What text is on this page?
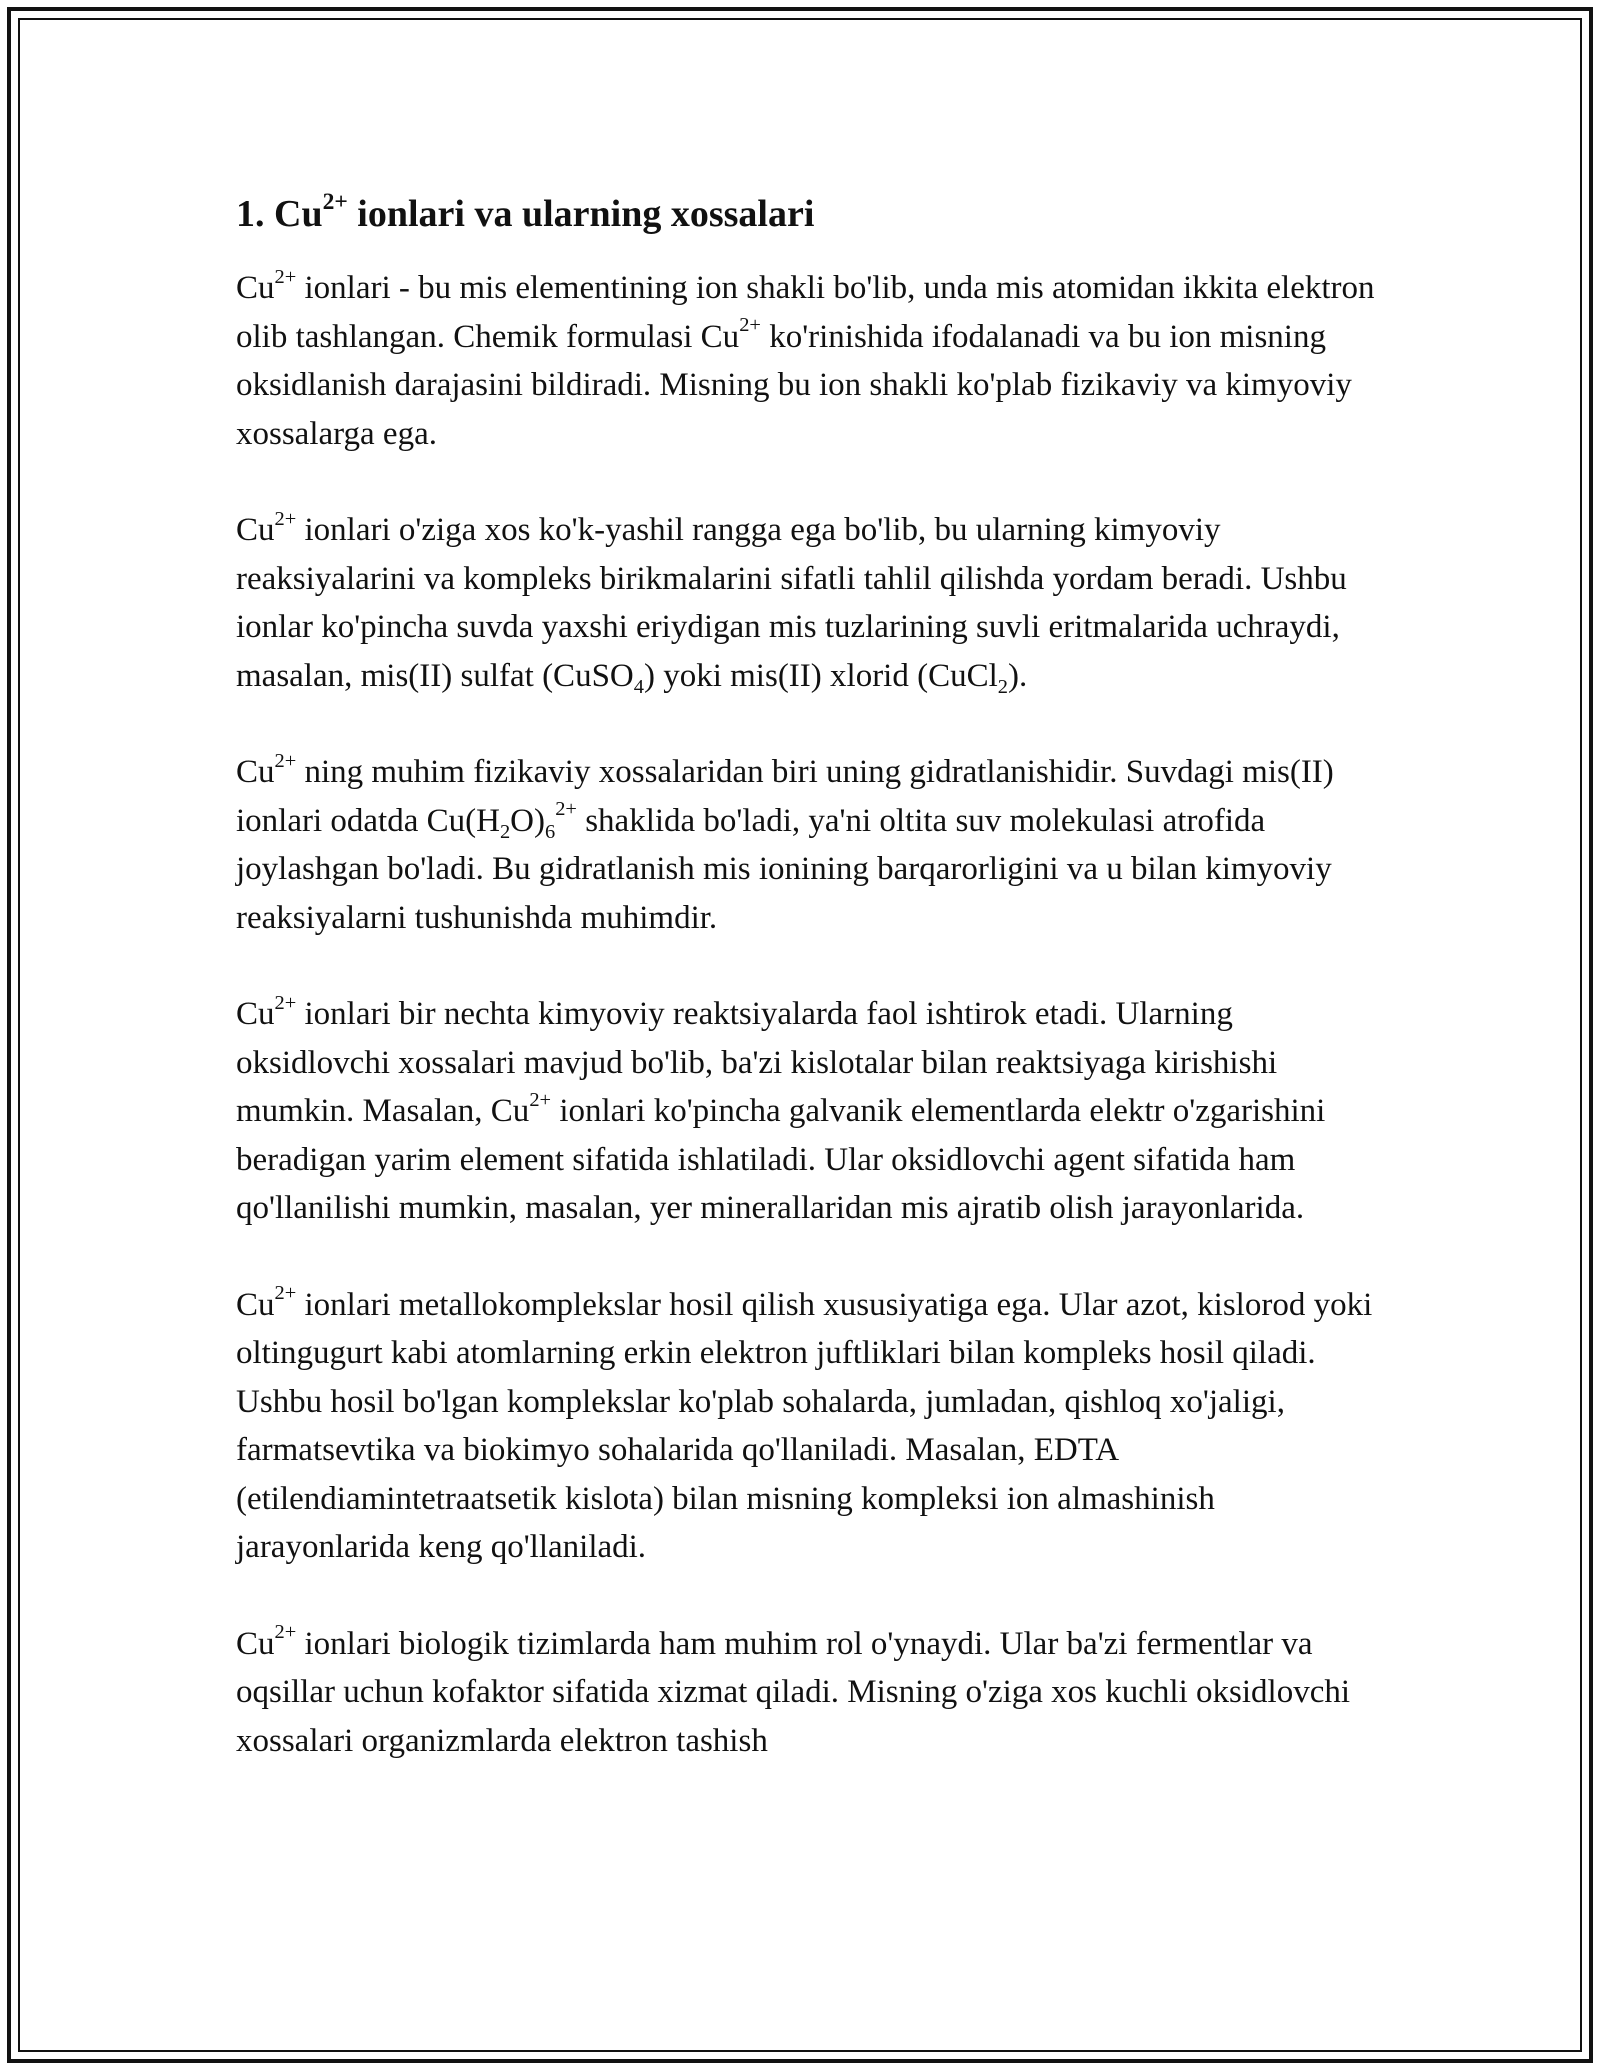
1. $Cu^{2+}$ ionlari va ularning xossalari

$Cu^{2+}$ ionlari - bu mis elementining ion shakli bo'lib, unda mis atomidan ikkita elektron olib tashlangan. Chemik formulasi $Cu^{2+}$ ko'rinishida ifodalanadi va bu ion misning oksidlanish darajasini bildiradi. Misning bu ion shakli ko'plab fizikaviy va kimyoviy xossalarga ega.

$Cu^{2+}$ ionlari o'ziga xos ko'k-yashil rangga ega bo'lib, bu ularning kimyoviy reaksiyalarini va kompleks birikmalarini sifatli tahlil qilishda yordam beradi. Ushbu ionlar ko'pincha suvda yaxshi eriydigan mis tuzlarining suvli eritmalarida uchraydi, masalan, mis(II) sulfat (CuSO$_4$) yoki mis(II) xlorid (CuCl$_2$).

$Cu^{2+}$ ning muhim fizikaviy xossalaridan biri uning gidratlanishidir. Suvdagi mis(II) ionlari odatda $Cu(H_2O)_6^{2+}$ shaklida bo'ladi, ya'ni oltita suv molekulasi atrofida joylashgan bo'ladi. Bu gidratlanish mis ionining barqarorligini va u bilan kimyoviy reaksiyalarni tushunishda muhimdir.

$Cu^{2+}$ ionlari bir nechta kimyoviy reaktsiyalarda faol ishtirok etadi. Ularning oksidlovchi xossalari mavjud bo'lib, ba'zi kislotalar bilan reaktsiyaga kirishishi mumkin. Masalan, $Cu^{2+}$ ionlari ko'pincha galvanik elementlarda elektr o'zgarishini beradigan yarim element sifatida ishlatiladi. Ular oksidlovchi agent sifatida ham qo'llanilishi mumkin, masalan, yer minerallaridan mis ajratib olish jarayonlarida.

$Cu^{2+}$ ionlari metallokomplekslar hosil qilish xususiyatiga ega. Ular azot, kislorod yoki oltingugurt kabi atomlarning erkin elektron juftliklari bilan kompleks hosil qiladi. Ushbu hosil bo'lgan komplekslar ko'plab sohalarda, jumladan, qishloq xo'jaligi, farmatsevtika va biokimyo sohalarida qo'llaniladi. Masalan, EDTA (etilendiamintetraatsetik kislota) bilan misning kompleksi ion almashinish jarayonlarida keng qo'llaniladi.

$Cu^{2+}$ ionlari biologik tizimlarda ham muhim rol o'ynaydi. Ular ba'zi fermentlar va oqsillar uchun kofaktor sifatida xizmat qiladi. Misning o'ziga xos kuchli oksidlovchi xossalari organizmlarda elektron tashish
